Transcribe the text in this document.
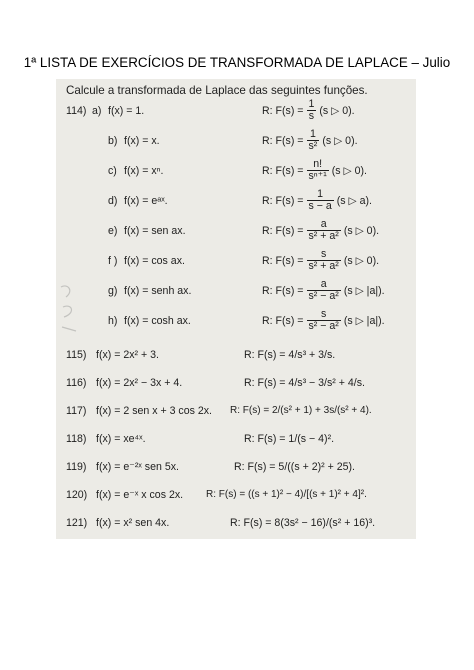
1ª LISTA DE EXERCÍCIOS DE TRANSFORMADA DE LAPLACE – Julio
Calcule a transformada de Laplace das seguintes funções.
114) a) f(x) = 1.	R: $F(s) = \frac{1}{s} (s$ ▷ 0).
b) f(x) = x.	R: $F(s) = \frac{1}{\text{s²}} (s$ ▷ 0).
c) f(x) = xⁿ.	R: $F(s) = \frac{n!}{\text{sⁿ⁺¹}} (s$ ▷ 0).
d) f(x) = eᵃˣ.	R: $F(s) = \frac{1}{s - a} (s$ ▷ a).
e) f(x) = sen ax.	R: $F(s) = \frac{a}{\text{s² + a²}} (s$ ▷ 0).
f ) f(x) = cos ax.	R: $F(s) = \frac{s}{\text{s² + a²}} (s$ ▷ 0).
g) f(x) = senh ax.	R: $F(s) = \frac{a}{\text{s² − a²}} (s$ ▷ |a|).
h) f(x) = cosh ax.	R: $F(s) = \frac{s}{\text{s² − a²}} (s$ ▷ |a|).
115) f(x) = 2x² + 3.	R: F(s) = 4/s³ + 3/s.
116) f(x) = 2x² − 3x + 4.	R: F(s) = 4/s³ − 3/s² + 4/s.
117) f(x) = 2 sen x + 3 cos 2x. R: F(s) = 2/(s² + 1) + 3s/(s² + 4).
118) f(x) = xe⁴ˣ.	R: F(s) = 1/(s − 4)².
119) f(x) = e⁻²ˣ sen 5x.	R: F(s) = 5/((s + 2)² + 25).
120) f(x) = e⁻ˣ x cos 2x. R: F(s) = ((s + 1)² − 4)/[(s + 1)² + 4]².
121) f(x) = x² sen 4x.	R: F(s) = 8(3s² − 16)/(s² + 16)³.
